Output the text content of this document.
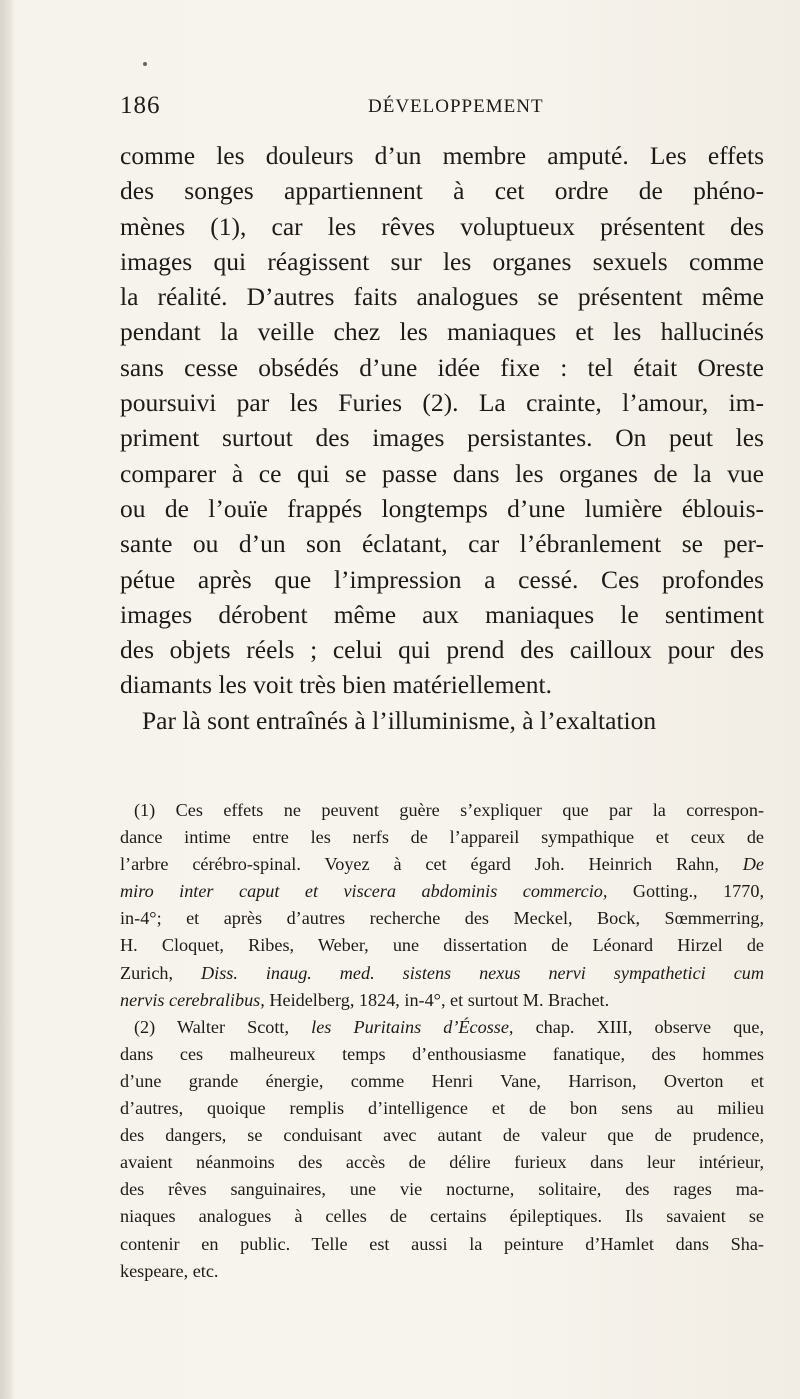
186	DÉVELOPPEMENT
comme les douleurs d’un membre amputé. Les effets
des songes appartiennent à cet ordre de phéno-
mènes (1), car les rêves voluptueux présentent des
images qui réagissent sur les organes sexuels comme
la réalité. D’autres faits analogues se présentent même
pendant la veille chez les maniaques et les hallucinés
sans cesse obsédés d’une idée fixe : tel était Oreste
poursuivi par les Furies (2). La crainte, l’amour, im-
priment surtout des images persistantes. On peut les
comparer à ce qui se passe dans les organes de la vue
ou de l’ouïe frappés longtemps d’une lumière éblouis-
sante ou d’un son éclatant, car l’ébranlement se per-
pétue après que l’impression a cessé. Ces profondes
images dérobent même aux maniaques le sentiment
des objets réels ; celui qui prend des cailloux pour des
diamants les voit très bien matériellement.
Par là sont entraînés à l’illuminisme, à l’exaltation
(1) Ces effets ne peuvent guère s’expliquer que par la correspon-
dance intime entre les nerfs de l’appareil sympathique et ceux de
l’arbre cérébro-spinal. Voyez à cet égard Joh. Heinrich Rahn, De
miro inter caput et viscera abdominis commercio, Gotting., 1770,
in-4°; et après d’autres recherche des Meckel, Bock, Sœmmerring,
H. Cloquet, Ribes, Weber, une dissertation de Léonard Hirzel de
Zurich, Diss. inaug. med. sistens nexus nervi sympathetici cum
nervis cerebralibus, Heidelberg, 1824, in-4°, et surtout M. Brachet.
(2) Walter Scott, les Puritains d’Écosse, chap. XIII, observe que,
dans ces malheureux temps d’enthousiasme fanatique, des hommes
d’une grande énergie, comme Henri Vane, Harrison, Overton et
d’autres, quoique remplis d’intelligence et de bon sens au milieu
des dangers, se conduisant avec autant de valeur que de prudence,
avaient néanmoins des accès de délire furieux dans leur intérieur,
des rêves sanguinaires, une vie nocturne, solitaire, des rages ma-
niaques analogues à celles de certains épileptiques. Ils savaient se
contenir en public. Telle est aussi la peinture d’Hamlet dans Sha-
kespeare, etc.
